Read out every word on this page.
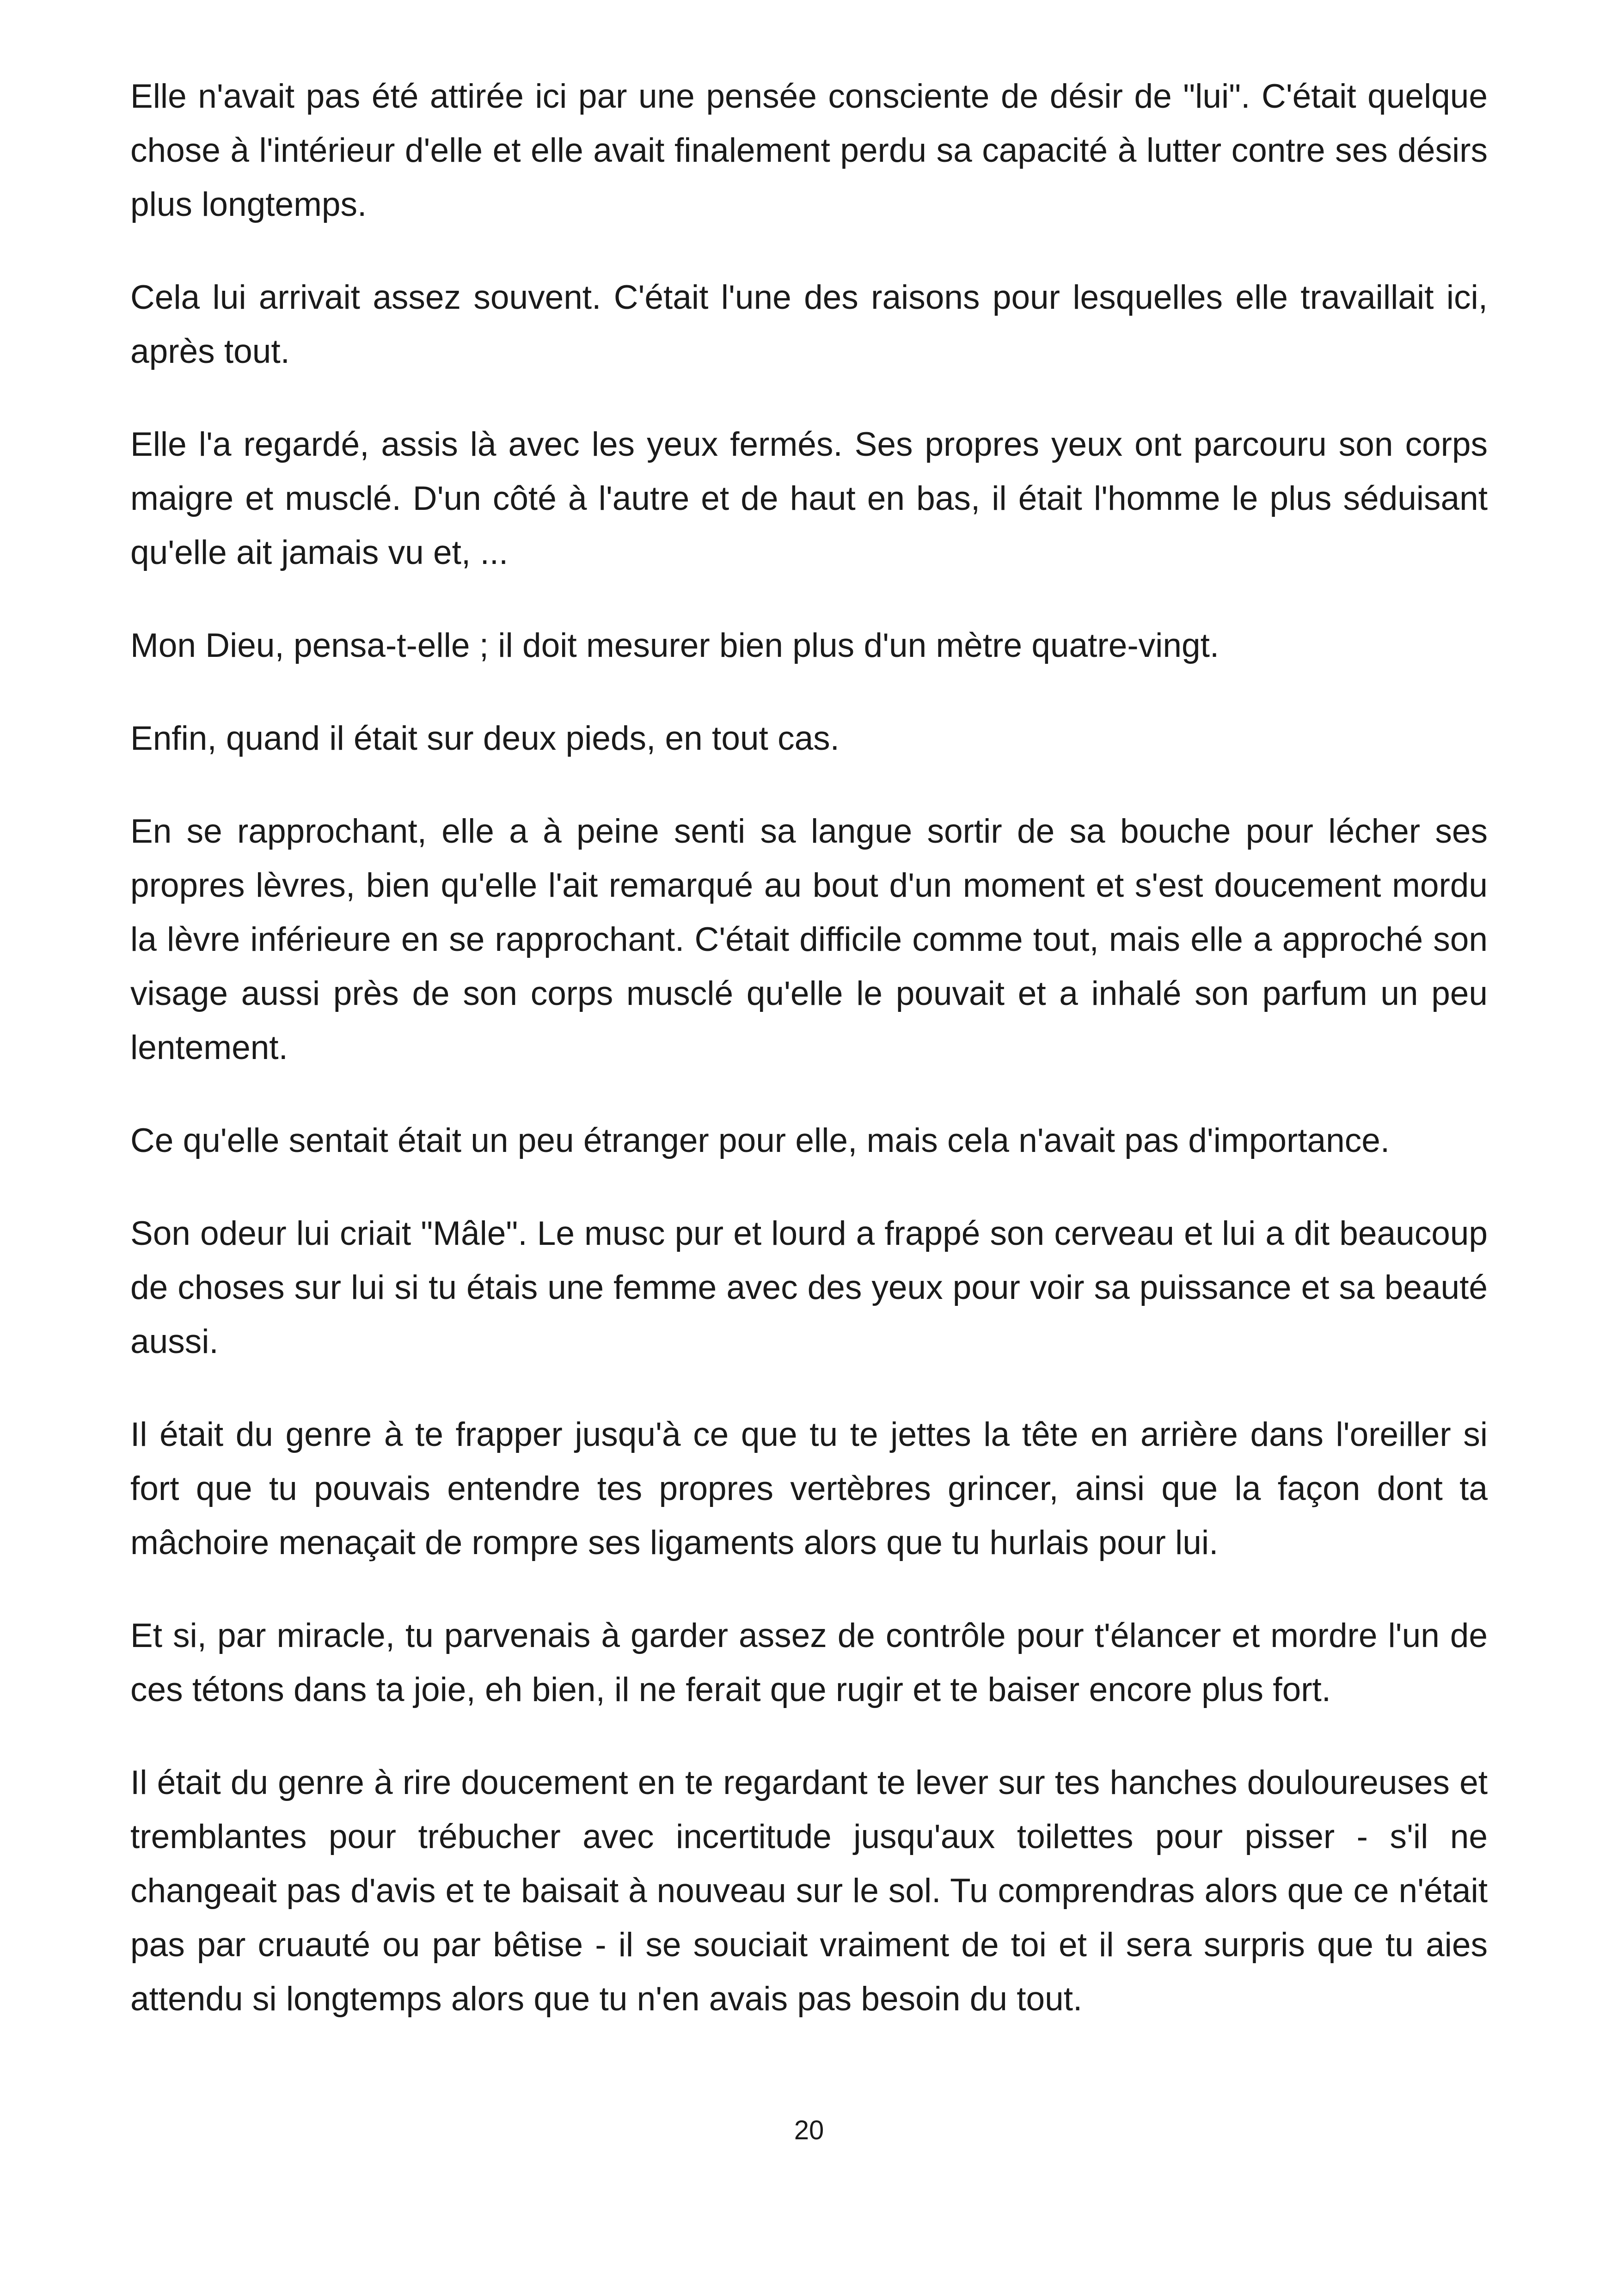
Elle n'avait pas été attirée ici par une pensée consciente de désir de "lui". C'était quelque chose à l'intérieur d'elle et elle avait finalement perdu sa capacité à lutter contre ses désirs plus longtemps.

Cela lui arrivait assez souvent. C'était l'une des raisons pour lesquelles elle travaillait ici, après tout.

Elle l'a regardé, assis là avec les yeux fermés. Ses propres yeux ont parcouru son corps maigre et musclé. D'un côté à l'autre et de haut en bas, il était l'homme le plus séduisant qu'elle ait jamais vu et, ...

Mon Dieu, pensa-t-elle ; il doit mesurer bien plus d'un mètre quatre-vingt.

Enfin, quand il était sur deux pieds, en tout cas.

En se rapprochant, elle a à peine senti sa langue sortir de sa bouche pour lécher ses propres lèvres, bien qu'elle l'ait remarqué au bout d'un moment et s'est doucement mordu la lèvre inférieure en se rapprochant. C'était difficile comme tout, mais elle a approché son visage aussi près de son corps musclé qu'elle le pouvait et a inhalé son parfum un peu lentement.

Ce qu'elle sentait était un peu étranger pour elle, mais cela n'avait pas d'importance.

Son odeur lui criait "Mâle". Le musc pur et lourd a frappé son cerveau et lui a dit beaucoup de choses sur lui si tu étais une femme avec des yeux pour voir sa puissance et sa beauté aussi.

Il était du genre à te frapper jusqu'à ce que tu te jettes la tête en arrière dans l'oreiller si fort que tu pouvais entendre tes propres vertèbres grincer, ainsi que la façon dont ta mâchoire menaçait de rompre ses ligaments alors que tu hurlais pour lui.

Et si, par miracle, tu parvenais à garder assez de contrôle pour t'élancer et mordre l'un de ces tétons dans ta joie, eh bien, il ne ferait que rugir et te baiser encore plus fort.

Il était du genre à rire doucement en te regardant te lever sur tes hanches douloureuses et tremblantes pour trébucher avec incertitude jusqu'aux toilettes pour pisser - s'il ne changeait pas d'avis et te baisait à nouveau sur le sol. Tu comprendras alors que ce n'était pas par cruauté ou par bêtise - il se souciait vraiment de toi et il sera surpris que tu aies attendu si longtemps alors que tu n'en avais pas besoin du tout.

20
